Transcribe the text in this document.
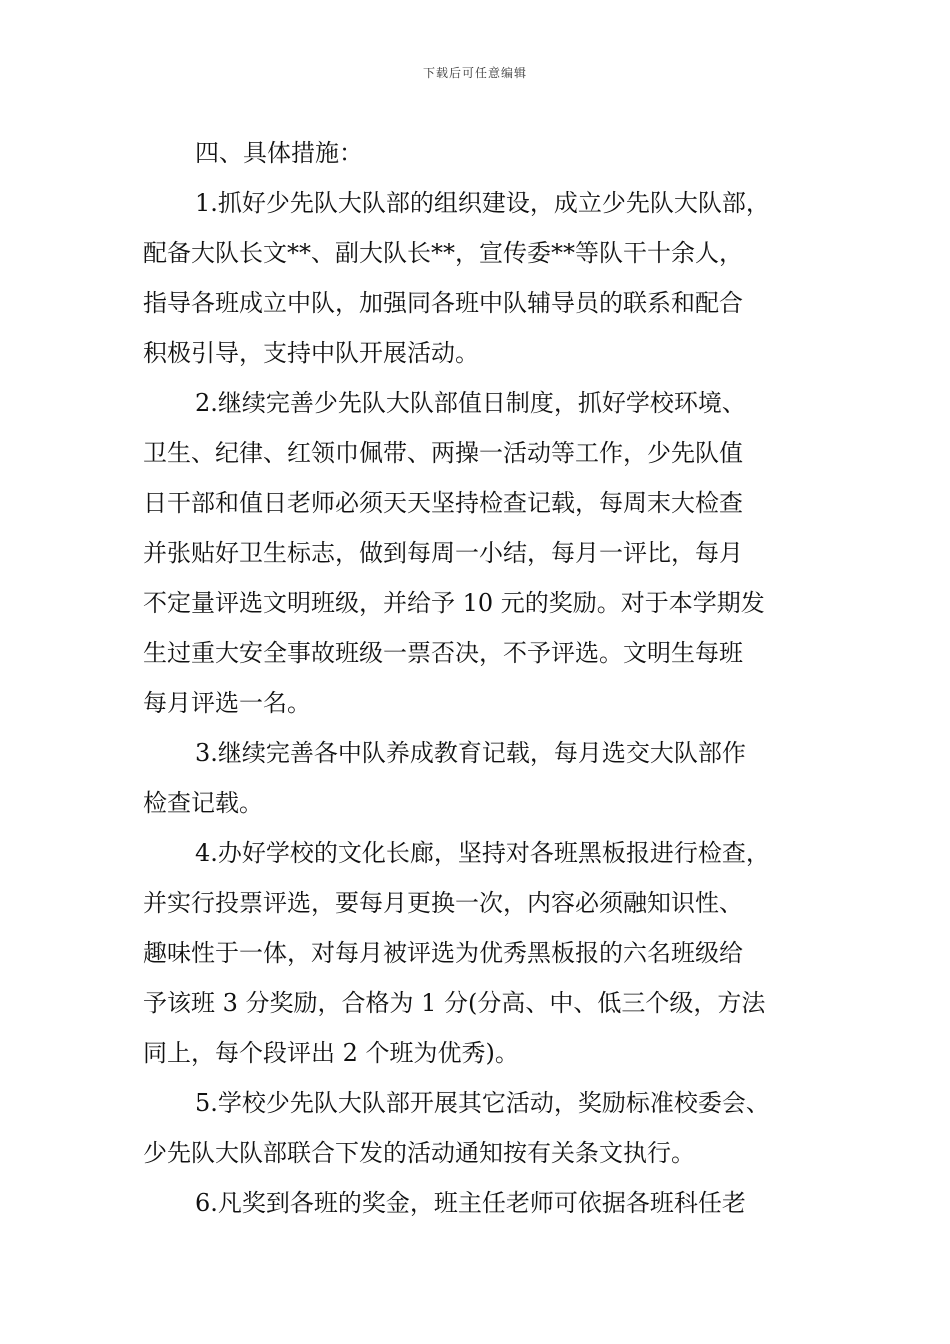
下载后可任意编辑

四、具体措施：

1.抓好少先队大队部的组织建设，成立少先队大队部，
配备大队长文**、副大队长**，宣传委**等队干十余人，
指导各班成立中队，加强同各班中队辅导员的联系和配合
积极引导，支持中队开展活动。

2.继续完善少先队大队部值日制度，抓好学校环境、
卫生、纪律、红领巾佩带、两操一活动等工作，少先队值
日干部和值日老师必须天天坚持检查记载，每周末大检查
并张贴好卫生标志，做到每周一小结，每月一评比，每月
不定量评选文明班级，并给予 10 元的奖励。对于本学期发
生过重大安全事故班级一票否决，不予评选。文明生每班
每月评选一名。

3.继续完善各中队养成教育记载，每月选交大队部作
检查记载。

4.办好学校的文化长廊，坚持对各班黑板报进行检查，
并实行投票评选，要每月更换一次，内容必须融知识性、
趣味性于一体，对每月被评选为优秀黑板报的六名班级给
予该班 3 分奖励，合格为 1 分(分高、中、低三个级，方法
同上，每个段评出 2 个班为优秀)。

5.学校少先队大队部开展其它活动，奖励标准校委会、
少先队大队部联合下发的活动通知按有关条文执行。

6.凡奖到各班的奖金，班主任老师可依据各班科任老
